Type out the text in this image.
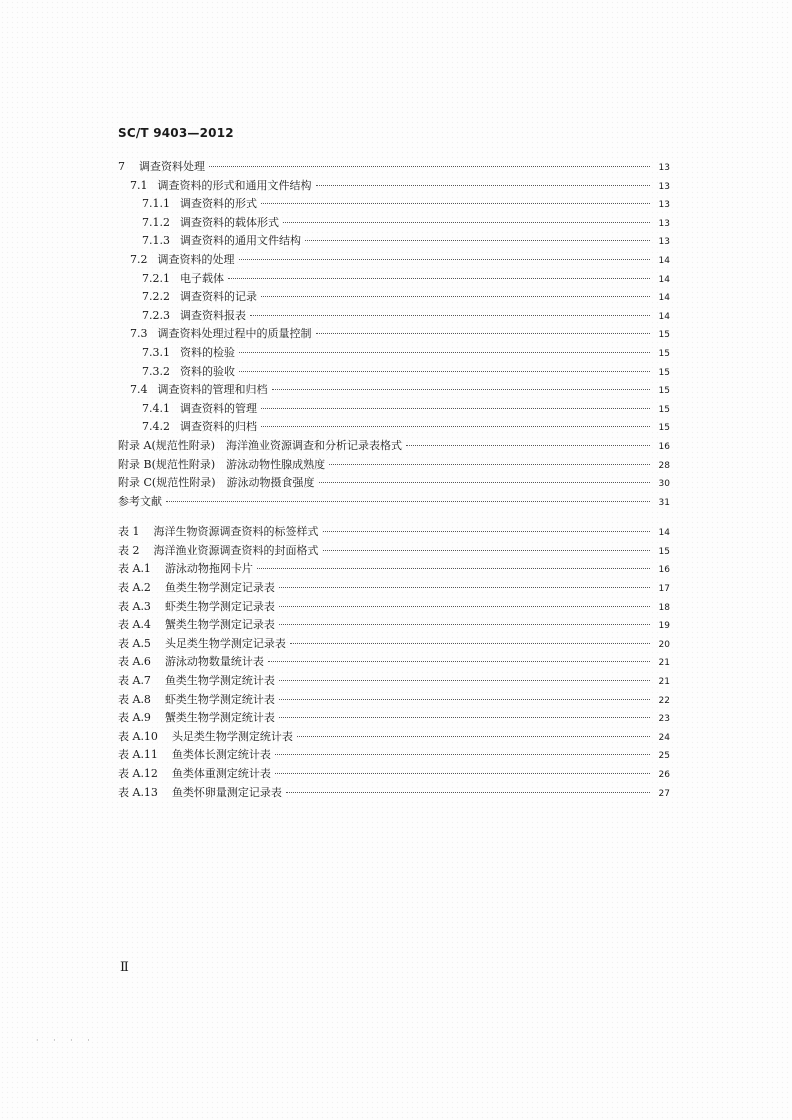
SC/T 9403—2012
7 调查资料处理	13
7.1 调查资料的形式和通用文件结构	13
7.1.1 调查资料的形式	13
7.1.2 调查资料的载体形式	13
7.1.3 调查资料的通用文件结构	13
7.2 调查资料的处理	14
7.2.1 电子载体	14
7.2.2 调查资料的记录	14
7.2.3 调查资料报表	14
7.3 调查资料处理过程中的质量控制	15
7.3.1 资料的检验	15
7.3.2 资料的验收	15
7.4 调查资料的管理和归档	15
7.4.1 调查资料的管理	15
7.4.2 调查资料的归档	15
附录 A(规范性附录)　海洋渔业资源调查和分析记录表格式	16
附录 B(规范性附录)　游泳动物性腺成熟度	28
附录 C(规范性附录)　游泳动物摄食强度	30
参考文献	31
表 1 海洋生物资源调查资料的标签样式	14
表 2 海洋渔业资源调查资料的封面格式	15
表 A.1 游泳动物拖网卡片	16
表 A.2 鱼类生物学测定记录表	17
表 A.3 虾类生物学测定记录表	18
表 A.4 蟹类生物学测定记录表	19
表 A.5 头足类生物学测定记录表	20
表 A.6 游泳动物数量统计表	21
表 A.7 鱼类生物学测定统计表	21
表 A.8 虾类生物学测定统计表	22
表 A.9 蟹类生物学测定统计表	23
表 A.10 头足类生物学测定统计表	24
表 A.11 鱼类体长测定统计表	25
表 A.12 鱼类体重测定统计表	26
表 A.13 鱼类怀卵量测定记录表	27
Ⅱ
· · · ·
